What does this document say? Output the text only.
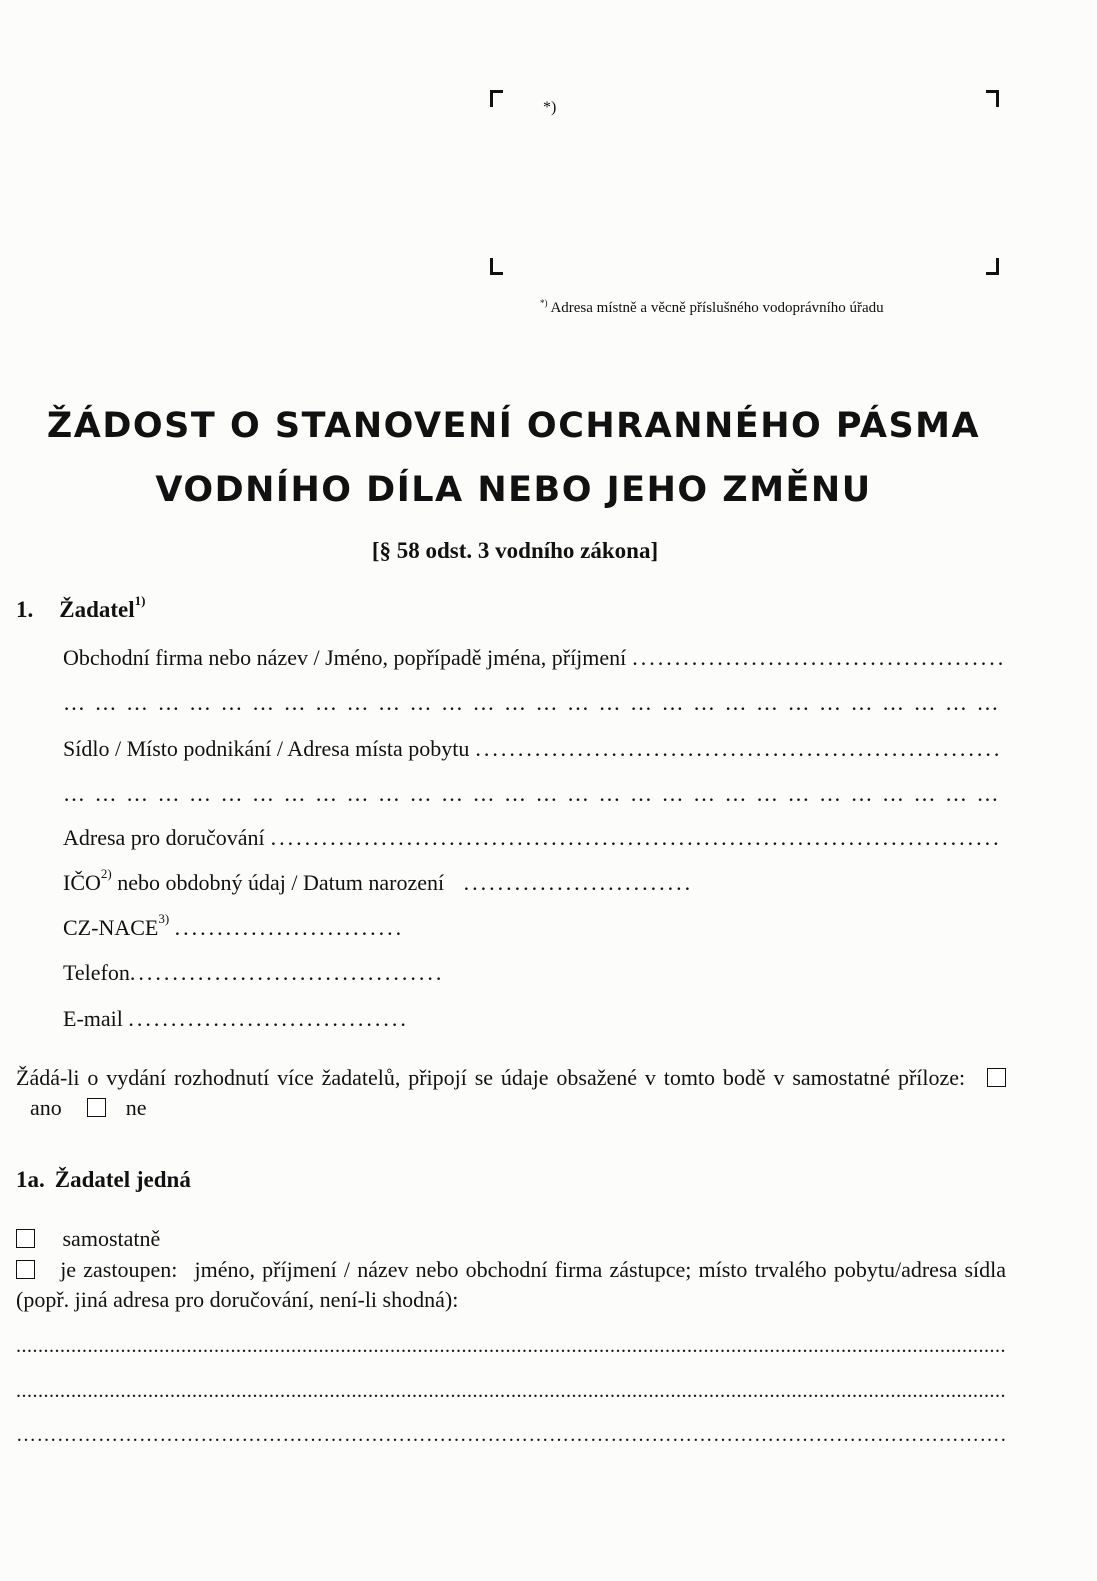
*)
*) Adresa místně a věcně příslušného vodoprávního úřadu
ŽÁDOST O STANOVENÍ OCHRANNÉHO PÁSMA
VODNÍHO DÍLA NEBO JEHO ZMĚNU
[§ 58 odst. 3 vodního zákona]
1. Žadatel$^{1)}$
Obchodní firma nebo název / Jméno, popřípadě jména, příjmení
.....
… … … … … … … … … … … … … … … … … … … … … … … … … … … … … … … … … … … … … … … … … … …
Sídlo / Místo podnikání / Adresa místa pobytu
.....
… … … … … … … … … … … … … … … … … … … … … … … … … … … … … … … … … … … … … … … … … … …
Adresa pro doručování
.....
IČO$^{2)}$ nebo obdobný údaj / Datum narození ...........................
CZ-NACE$^{3)}$ ...........................
Telefon.....................................
E-mail .................................
Žádá-li o vydání rozhodnutí více žadatelů, připojí se údaje obsažené v tomto bodě v samostatné příloze:  ano	ne
1a. Žadatel jedná
samostatně
je zastoupen: jméno, příjmení / název nebo obchodní firma zástupce; místo trvalého pobytu/adresa sídla (popř. jiná adresa pro doručování, není-li shodná):
.....
.....
……………………………………………………………………………………………………………………………………………………………………………………………………
